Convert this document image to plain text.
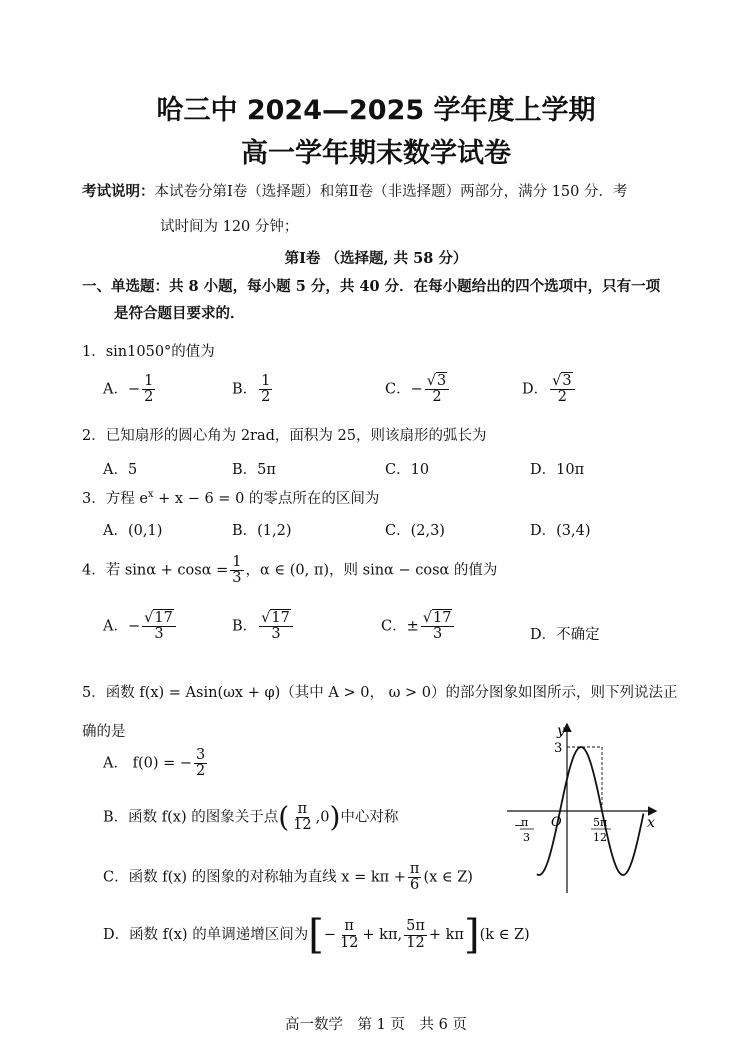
哈三中 2024—2025 学年度上学期
高一学年期末数学试卷
考试说明：本试卷分第Ⅰ卷（选择题）和第Ⅱ卷（非选择题）两部分，满分 150 分．考
试时间为 120 分钟；
第Ⅰ卷 （选择题, 共 58 分）
一、单选题：共 8 小题，每小题 5 分，共 40 分．在每小题给出的四个选项中，只有一项
是符合题目要求的．
1．sin1050°的值为
A．− $\frac{1}{2}$	B． $\frac{1}{2}$	C．− $\frac{√3}{2}$	D． $\frac{√3}{2}$
2．已知扇形的圆心角为 2rad，面积为 25，则该扇形的弧长为
A．5	B．5π	C．10	D．10π
3．方程 $e^x + x - 6 = 0$ 的零点所在的区间为
A．(0,1)	B．(1,2)	C．(2,3)	D．(3,4)
4．若 $\sin\alpha + \cos\alpha = \frac{1}{3}$ ，α ∈ (0, π)，则 sinα − cosα 的值为
A．− $\frac{√17}{3}$	B． $\frac{√17}{3}$	C．± $\frac{√17}{3}$	D．不确定
5．函数 f(x) = Asin(ωx + φ)（其中 A > 0， ω > 0）的部分图象如图所示，则下列说法正
确的是
A． f(0) = − $\frac{3}{2}$
B．函数 f(x) 的图象关于点( $\frac{\pi}{12} ,0$)中心对称
C．函数 f(x) 的图象的对称轴为直线 $x = k\pi + \frac{\pi}{6} (x$ ∈ Z)
D．函数 f(x) 的单调递增区间为[− $\frac{\pi}{12} + k\pi$, $\frac{5\pi}{12} + k\pi](k$ ∈ Z)
y
x
O
3
−
π
3
5π
12
高一数学　第 1 页　共 6 页
